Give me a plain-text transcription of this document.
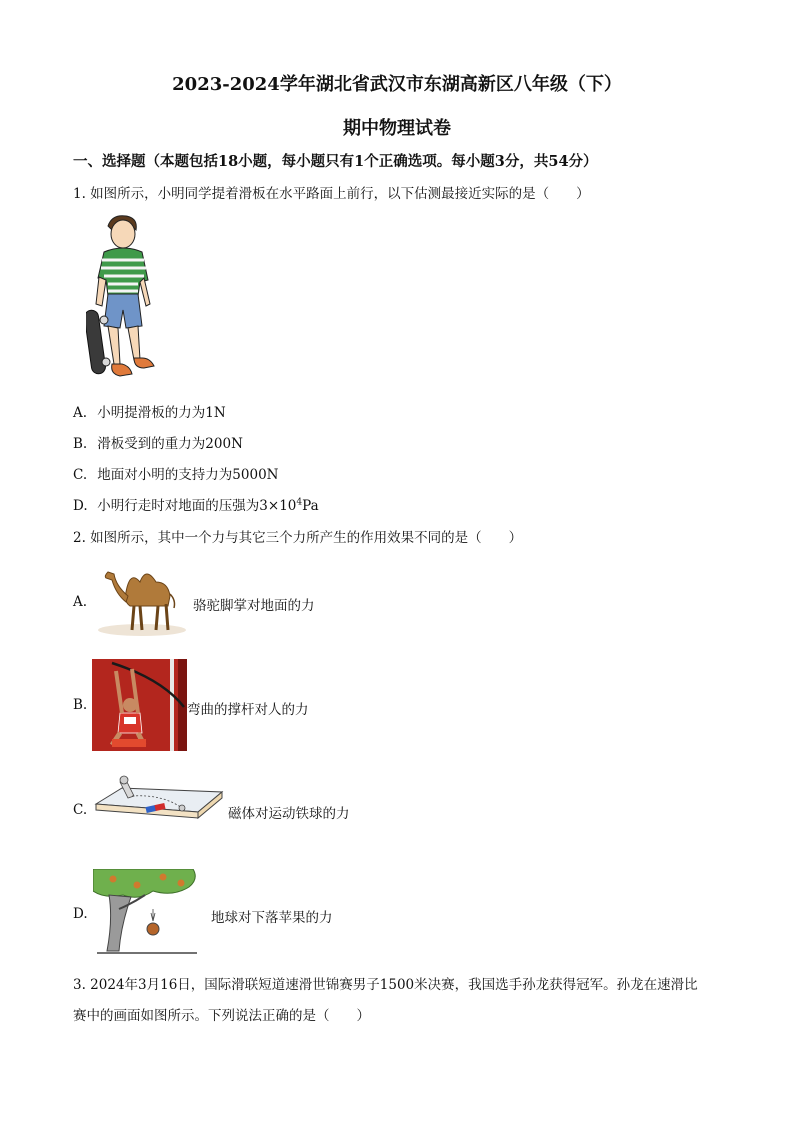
2023-2024学年湖北省武汉市东湖高新区八年级（下）
期中物理试卷
一、选择题（本题包括18小题，每小题只有1个正确选项。每小题3分，共54分）
1. 如图所示，小明同学提着滑板在水平路面上前行，以下估测最接近实际的是（　　）
A. 小明提滑板的力为1N
B. 滑板受到的重力为200N
C. 地面对小明的支持力为5000N
D. 小明行走时对地面的压强为$3\times 10^4Pa$
2. 如图所示，其中一个力与其它三个力所产生的作用效果不同的是（　　）
A.	骆驼脚掌对地面的力
B.	弯曲的撑杆对人的力
C.	磁体对运动铁球的力
D.	地球对下落苹果的力
3. 2024年3月16日，国际滑联短道速滑世锦赛男子1500米决赛，我国选手孙龙获得冠军。孙龙在速滑比
赛中的画面如图所示。下列说法正确的是（　　）
